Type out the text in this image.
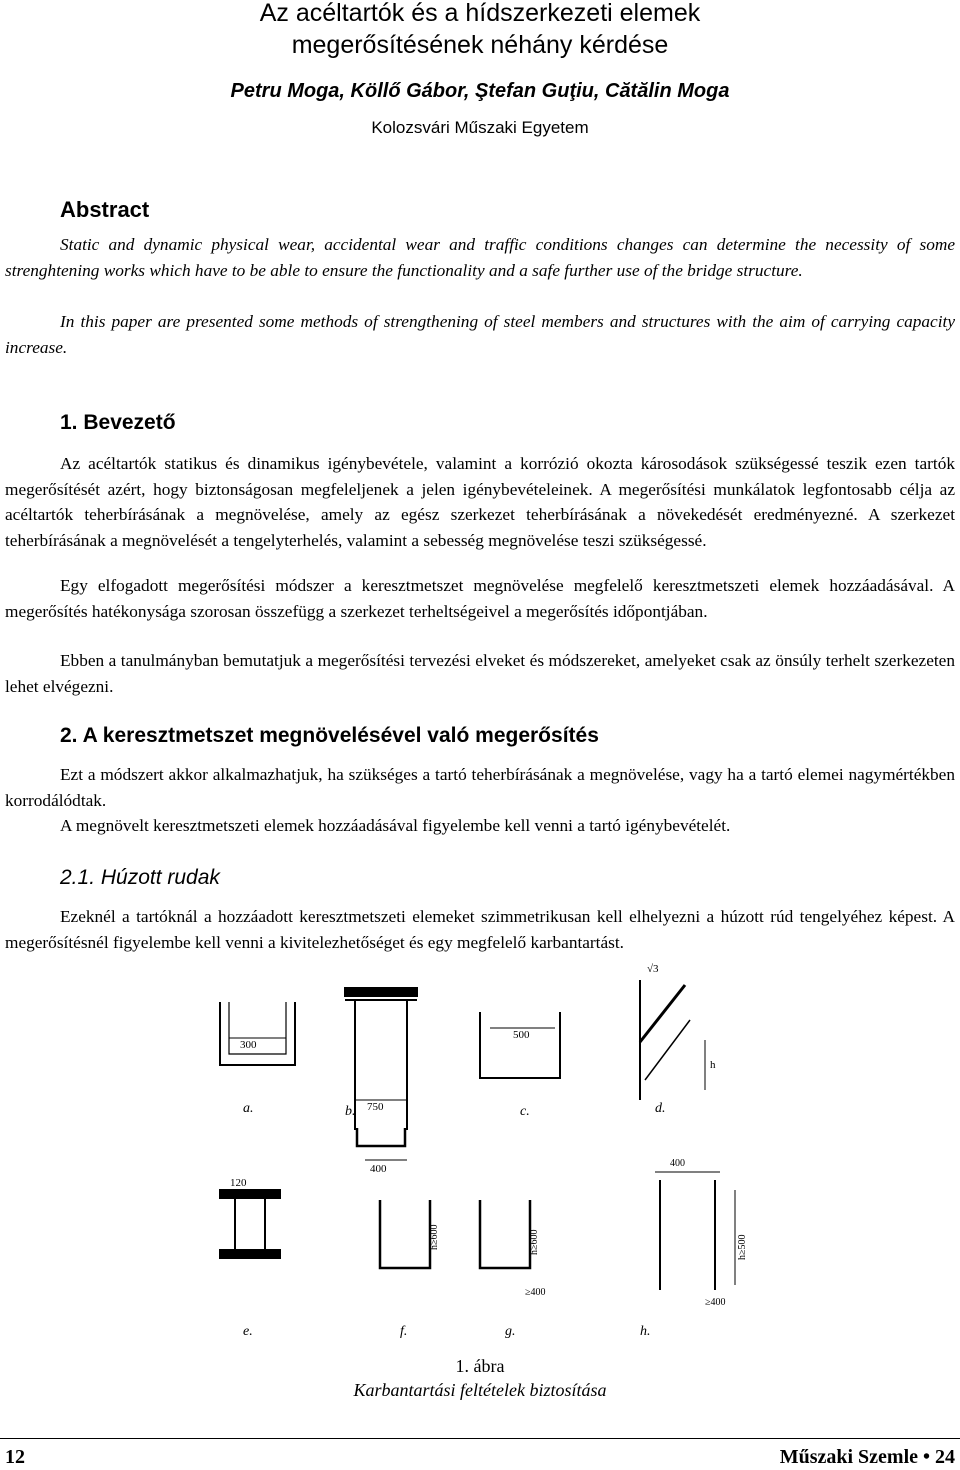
Az acéltartók és a hídszerkezeti elemek
megerősítésének néhány kérdése
Petru Moga, Köllő Gábor, Ştefan Guţiu, Cătălin Moga
Kolozsvári Műszaki Egyetem
Abstract

Static and dynamic physical wear, accidental wear and traffic conditions changes can determine the necessity of some strenghtening works which have to be able to ensure the functionality and a safe further use of the bridge structure.

In this paper are presented some methods of strengthening of steel members and structures with the aim of carrying capacity increase.

1. Bevezető

Az acéltartók statikus és dinamikus igénybevétele, valamint a korrózió okozta károsodások szükségessé teszik ezen tartók megerősítését azért, hogy biztonságosan megfeleljenek a jelen igénybevételeinek. A megerősítési munkálatok legfontosabb célja az acéltartók teherbírásának a megnövelése, amely az egész szerkezet teherbírásának a növekedését eredményezné. A szerkezet teherbírásának a megnövelését a tengelyterhelés, valamint a sebesség megnövelése teszi szükségessé.

Egy elfogadott megerősítési módszer a keresztmetszet megnövelése megfelelő keresztmetszeti elemek hozzáadásával. A megerősítés hatékonysága szorosan összefügg a szerkezet terheltségeivel a megerősítés időpontjában.

Ebben a tanulmányban bemutatjuk a megerősítési tervezési elveket és módszereket, amelyeket csak az önsúly terhelt szerkezeten lehet elvégezni.

2. A keresztmetszet megnövelésével való megerősítés

Ezt a módszert akkor alkalmazhatjuk, ha szükséges a tartó teherbírásának a megnövelése, vagy ha a tartó elemei nagymértékben korrodálódtak.

A megnövelt keresztmetszeti elemek hozzáadásával figyelembe kell venni a tartó igénybevételét.

2.1. Húzott rudak

Ezeknél a tartóknál a hozzáadott keresztmetszeti elemeket szimmetrikusan kell elhelyezni a húzott rúd tengelyéhez képest. A megerősítésnél figyelembe kell venni a kivitelezhetőséget és egy megfelelő karbantartást.

300
a.	750
400
b.
500
c.
h
√3
d.
120
e.
h≥600
f.
h≥600
≥400
g.
400
h≥500
≥400
h.
1. ábra
Karbantartási feltételek biztosítása
12	Műszaki Szemle • 24
